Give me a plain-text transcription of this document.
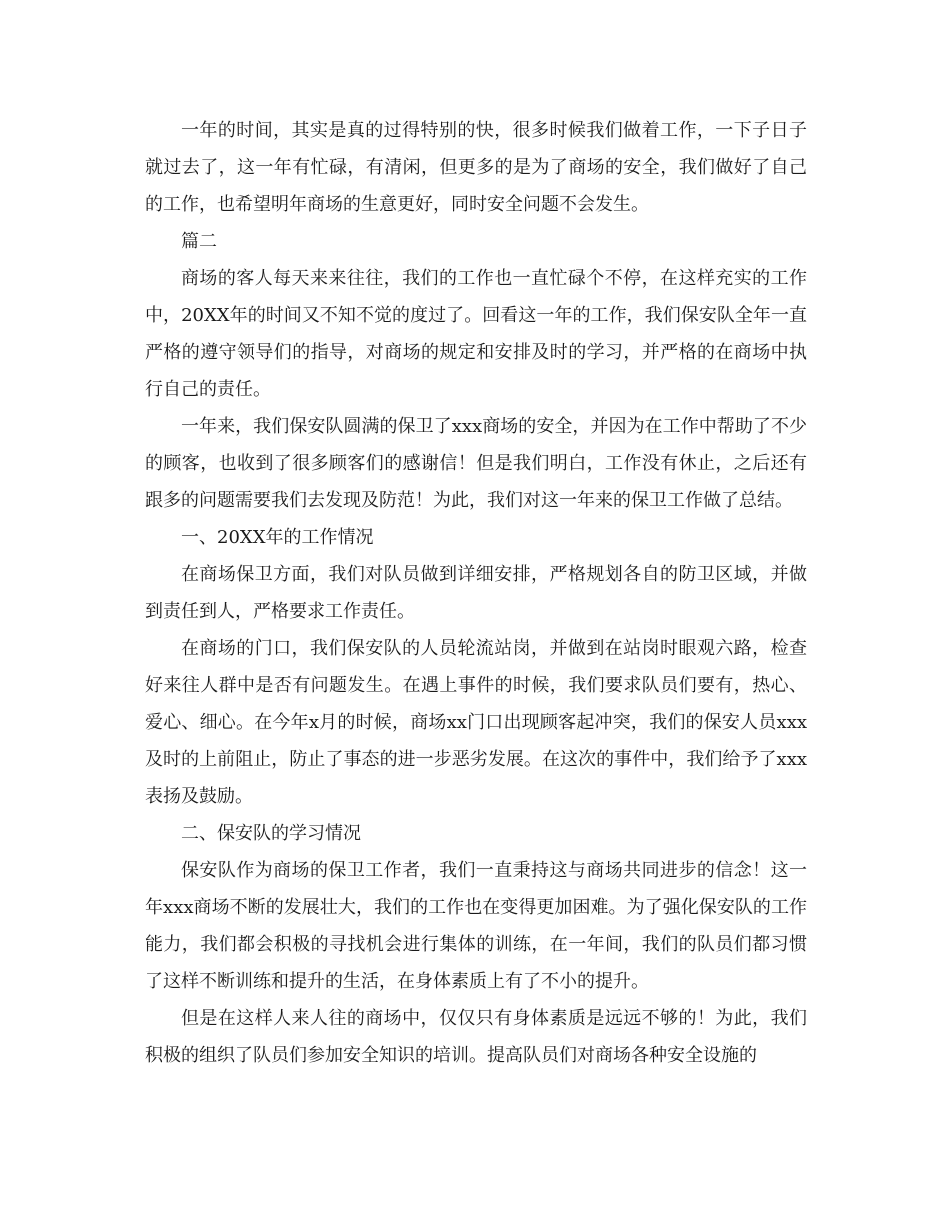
一年的时间，其实是真的过得特别的快，很多时候我们做着工作，一下子日子就过去了，这一年有忙碌，有清闲，但更多的是为了商场的安全，我们做好了自己的工作，也希望明年商场的生意更好，同时安全问题不会发生。

篇二

商场的客人每天来来往往，我们的工作也一直忙碌个不停，在这样充实的工作中，20XX年的时间又不知不觉的度过了。回看这一年的工作，我们保安队全年一直严格的遵守领导们的指导，对商场的规定和安排及时的学习，并严格的在商场中执行自己的责任。

一年来，我们保安队圆满的保卫了xxx商场的安全，并因为在工作中帮助了不少的顾客，也收到了很多顾客们的感谢信！但是我们明白，工作没有休止，之后还有跟多的问题需要我们去发现及防范！为此，我们对这一年来的保卫工作做了总结。

一、20XX年的工作情况

在商场保卫方面，我们对队员做到详细安排，严格规划各自的防卫区域，并做到责任到人，严格要求工作责任。

在商场的门口，我们保安队的人员轮流站岗，并做到在站岗时眼观六路，检查好来往人群中是否有问题发生。在遇上事件的时候，我们要求队员们要有，热心、爱心、细心。在今年x月的时候，商场xx门口出现顾客起冲突，我们的保安人员xxx及时的上前阻止，防止了事态的进一步恶劣发展。在这次的事件中，我们给予了xxx表扬及鼓励。

二、保安队的学习情况

保安队作为商场的保卫工作者，我们一直秉持这与商场共同进步的信念！这一年xxx商场不断的发展壮大，我们的工作也在变得更加困难。为了强化保安队的工作能力，我们都会积极的寻找机会进行集体的训练，在一年间，我们的队员们都习惯了这样不断训练和提升的生活，在身体素质上有了不小的提升。

但是在这样人来人往的商场中，仅仅只有身体素质是远远不够的！为此，我们积极的组织了队员们参加安全知识的培训。提高队员们对商场各种安全设施的
